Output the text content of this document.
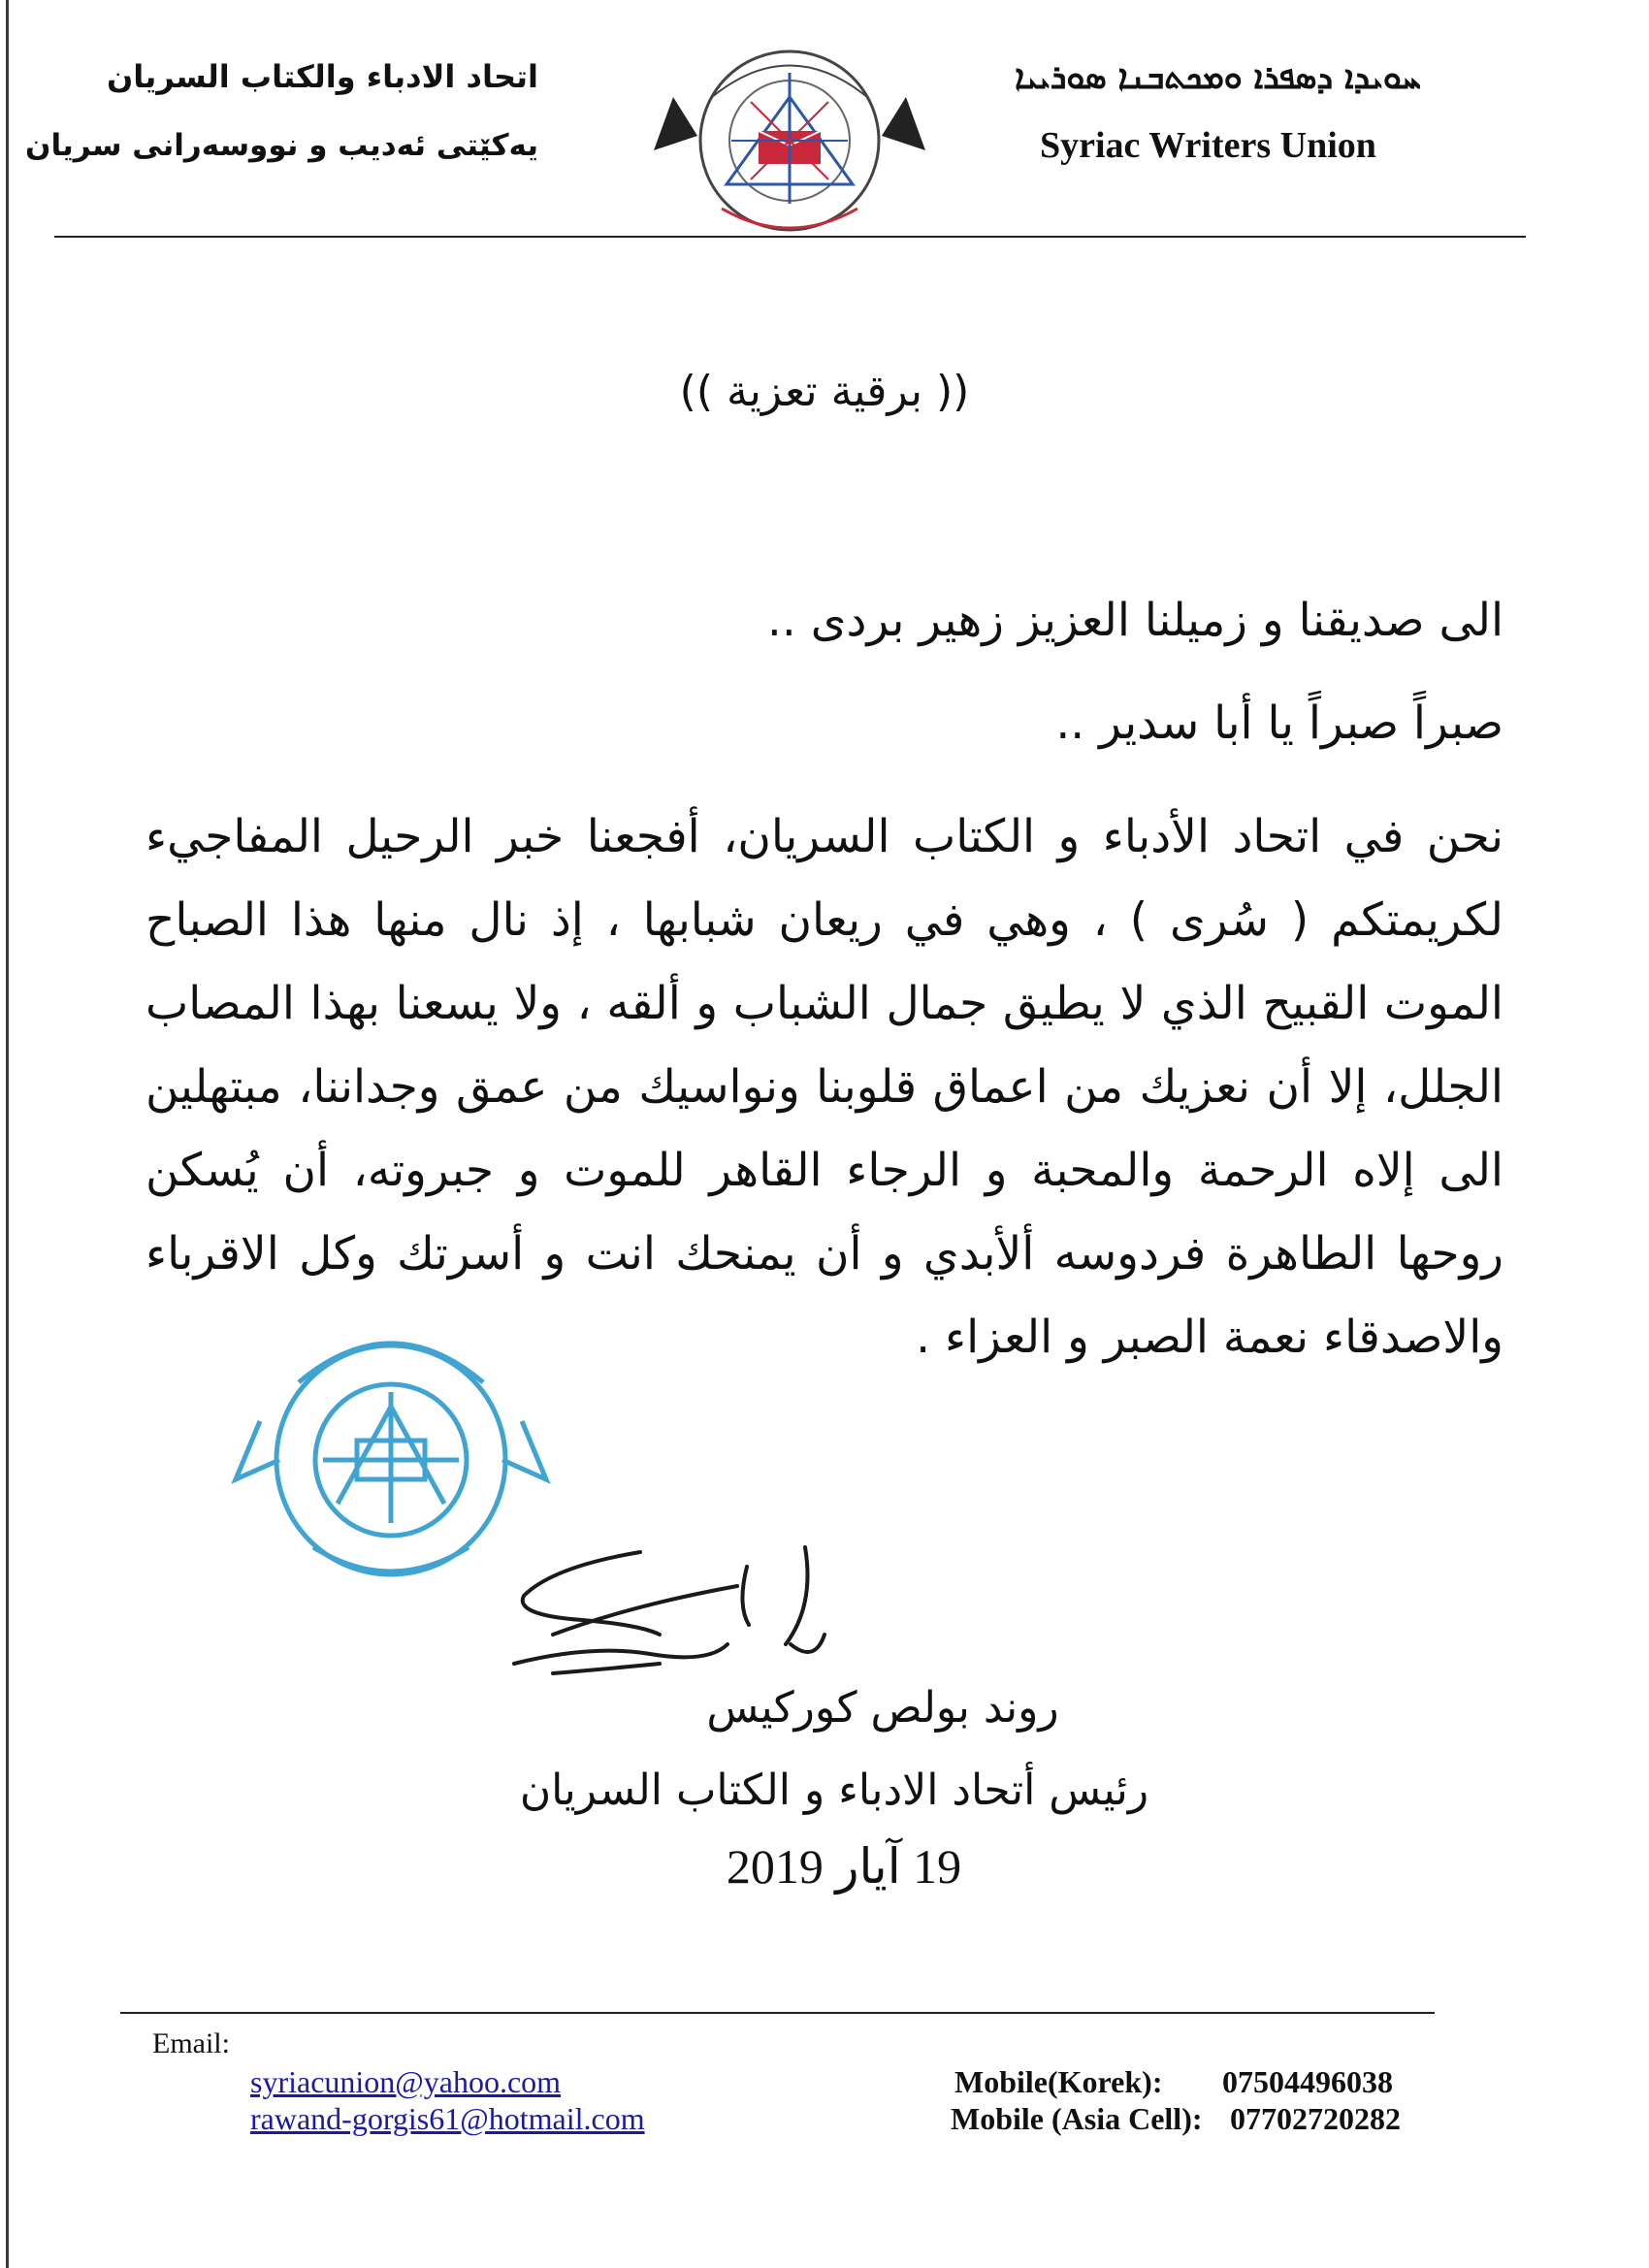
اتحاد الادباء والكتاب السريان
یەکێتی ئەدیب و نووسەرانی سریان
ܚܘܝܕܐ ܕܣܦܪܐ ܘܡܟܬܒܢܐ ܣܘܪܝܝܐ
Syriac Writers Union
(( برقية تعزية ))
الى صديقنا و زميلنا العزيز زهير بردى ..
صبراً صبراً يا أبا سدير ..
نحن في اتحاد الأدباء و الكتاب السريان، أفجعنا خبر الرحيل المفاجيء لكريمتكم ( سُرى ) ، وهي في ريعان شبابها ، إذ نال منها هذا الصباح الموت القبيح الذي لا يطيق جمال الشباب و ألقه ، ولا يسعنا بهذا المصاب الجلل، إلا أن نعزيك من اعماق قلوبنا ونواسيك من عمق وجداننا، مبتهلين الى إلاه الرحمة والمحبة و الرجاء القاهر للموت و جبروته، أن يُسكن روحها الطاهرة فردوسه ألأبدي و أن يمنحك انت و أسرتك وكل الاقرباء والاصدقاء نعمة الصبر و العزاء .
روند بولص كوركيس
رئيس أتحاد الادباء و الكتاب السريان
19 آيار 2019
Email:
syriacunion@yahoo.com
rawand-gorgis61@hotmail.com
Mobile(Korek): 07504496038
Mobile (Asia Cell): 07702720282
